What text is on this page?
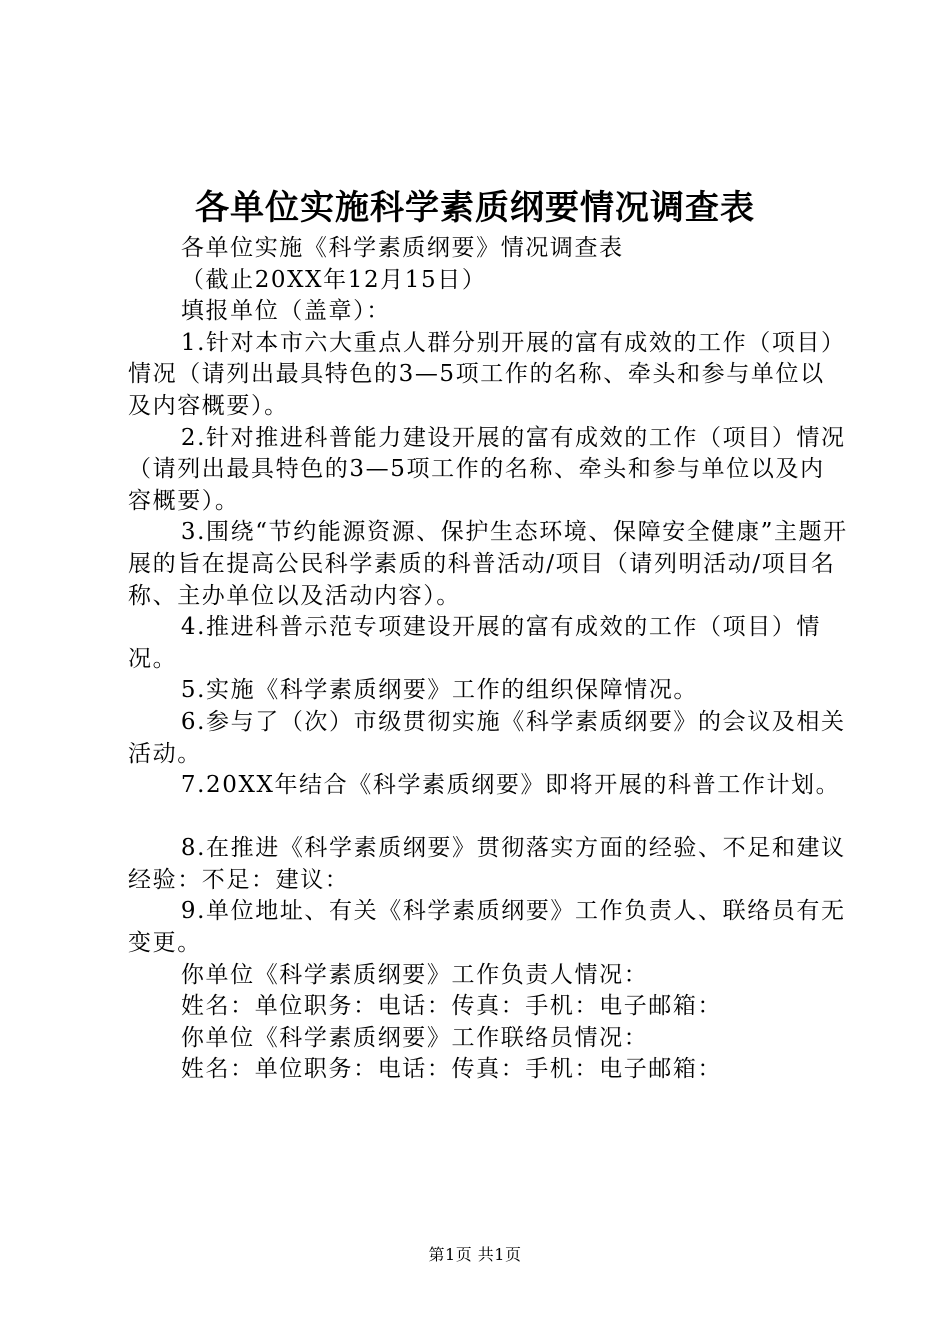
各单位实施科学素质纲要情况调查表

各单位实施《科学素质纲要》情况调查表

（截止20XX年12月15日）

填报单位（盖章）：

1.针对本市六大重点人群分别开展的富有成效的工作（项目）情况（请列出最具特色的3—5项工作的名称、牵头和参与单位以及内容概要）。

2.针对推进科普能力建设开展的富有成效的工作（项目）情况（请列出最具特色的3—5项工作的名称、牵头和参与单位以及内容概要）。

3.围绕“节约能源资源、保护生态环境、保障安全健康”主题开展的旨在提高公民科学素质的科普活动/项目（请列明活动/项目名称、主办单位以及活动内容）。

4.推进科普示范专项建设开展的富有成效的工作（项目）情况。

5.实施《科学素质纲要》工作的组织保障情况。

6.参与了（次）市级贯彻实施《科学素质纲要》的会议及相关活动。

7.20XX年结合《科学素质纲要》即将开展的科普工作计划。

8.在推进《科学素质纲要》贯彻落实方面的经验、不足和建议经验：不足：建议：

9.单位地址、有关《科学素质纲要》工作负责人、联络员有无变更。

你单位《科学素质纲要》工作负责人情况：

姓名：单位职务：电话：传真：手机：电子邮箱：

你单位《科学素质纲要》工作联络员情况：

姓名：单位职务：电话：传真：手机：电子邮箱：

第1页 共1页
